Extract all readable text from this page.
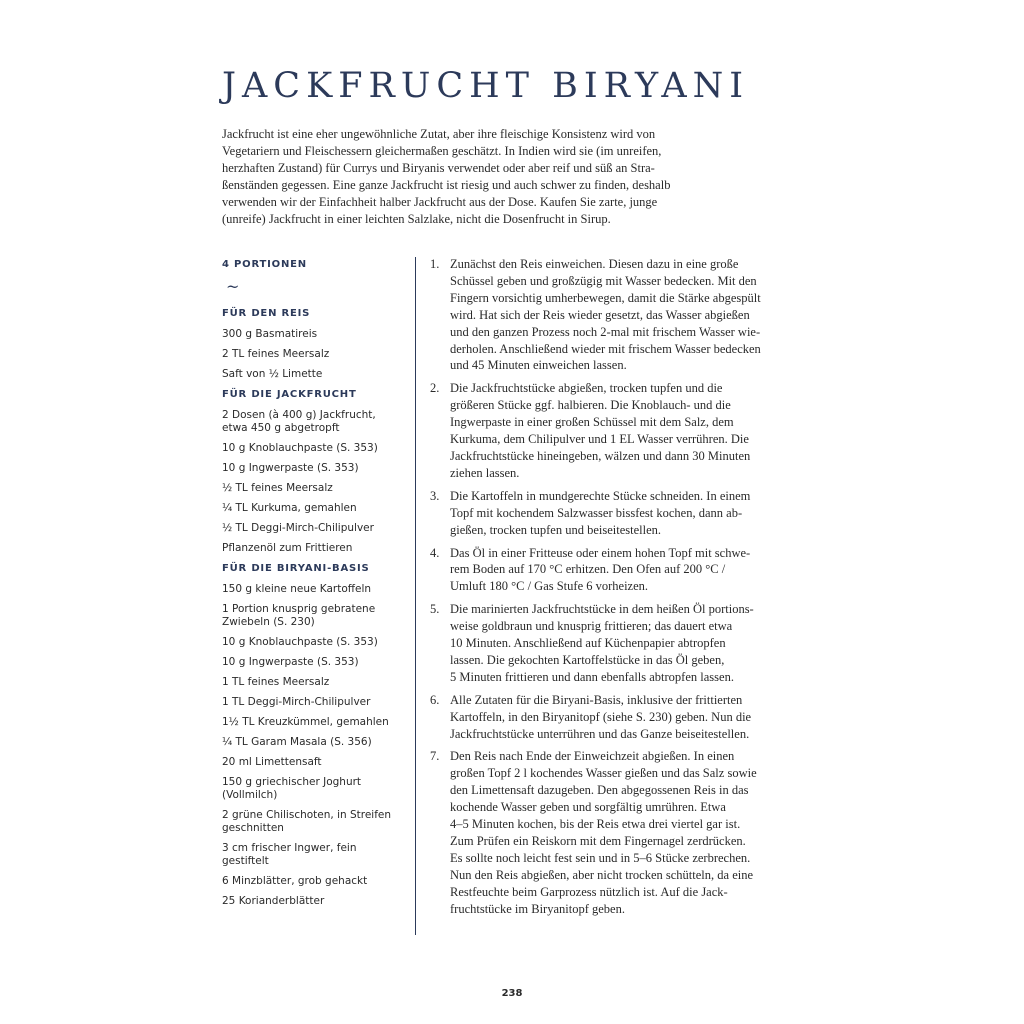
JACKFRUCHT BIRYANI
Jackfrucht ist eine eher ungewöhnliche Zutat, aber ihre fleischige Konsistenz wird von
Vegetariern und Fleischessern gleichermaßen geschätzt. In Indien wird sie (im unreifen,
herzhaften Zustand) für Currys und Biryanis verwendet oder aber reif und süß an Stra-
ßenständen gegessen. Eine ganze Jackfrucht ist riesig und auch schwer zu finden, deshalb
verwenden wir der Einfachheit halber Jackfrucht aus der Dose. Kaufen Sie zarte, junge
(unreife) Jackfrucht in einer leichten Salzlake, nicht die Dosenfrucht in Sirup.
4 PORTIONEN
~
FÜR DEN REIS
300 g Basmatireis
2 TL feines Meersalz
Saft von ½ Limette
FÜR DIE JACKFRUCHT
2 Dosen (à 400 g) Jackfrucht,
etwa 450 g abgetropft
10 g Knoblauchpaste (S. 353)
10 g Ingwerpaste (S. 353)
½ TL feines Meersalz
¼ TL Kurkuma, gemahlen
½ TL Deggi-Mirch-Chilipulver
Pflanzenöl zum Frittieren
FÜR DIE BIRYANI-BASIS
150 g kleine neue Kartoffeln
1 Portion knusprig gebratene
Zwiebeln (S. 230)
10 g Knoblauchpaste (S. 353)
10 g Ingwerpaste (S. 353)
1 TL feines Meersalz
1 TL Deggi-Mirch-Chilipulver
1½ TL Kreuzkümmel, gemahlen
¼ TL Garam Masala (S. 356)
20 ml Limettensaft
150 g griechischer Joghurt
(Vollmilch)
2 grüne Chilischoten, in Streifen
geschnitten
3 cm frischer Ingwer, fein
gestiftelt
6 Minzblätter, grob gehackt
25 Korianderblätter
1. Zunächst den Reis einweichen. Diesen dazu in eine große
Schüssel geben und großzügig mit Wasser bedecken. Mit den
Fingern vorsichtig umherbewegen, damit die Stärke abgespült
wird. Hat sich der Reis wieder gesetzt, das Wasser abgießen
und den ganzen Prozess noch 2-mal mit frischem Wasser wie-
derholen. Anschließend wieder mit frischem Wasser bedecken
und 45 Minuten einweichen lassen.
2. Die Jackfruchtstücke abgießen, trocken tupfen und die
größeren Stücke ggf. halbieren. Die Knoblauch- und die
Ingwerpaste in einer großen Schüssel mit dem Salz, dem
Kurkuma, dem Chilipulver und 1 EL Wasser verrühren. Die
Jackfruchtstücke hineingeben, wälzen und dann 30 Minuten
ziehen lassen.
3. Die Kartoffeln in mundgerechte Stücke schneiden. In einem
Topf mit kochendem Salzwasser bissfest kochen, dann ab-
gießen, trocken tupfen und beiseitestellen.
4. Das Öl in einer Fritteuse oder einem hohen Topf mit schwe-
rem Boden auf 170 °C erhitzen. Den Ofen auf 200 °C /
Umluft 180 °C / Gas Stufe 6 vorheizen.
5. Die marinierten Jackfruchtstücke in dem heißen Öl portions-
weise goldbraun und knusprig frittieren; das dauert etwa
10 Minuten. Anschließend auf Küchenpapier abtropfen
lassen. Die gekochten Kartoffelstücke in das Öl geben,
5 Minuten frittieren und dann ebenfalls abtropfen lassen.
6. Alle Zutaten für die Biryani-Basis, inklusive der frittierten
Kartoffeln, in den Biryanitopf (siehe S. 230) geben. Nun die
Jackfruchtstücke unterrühren und das Ganze beiseitestellen.
7. Den Reis nach Ende der Einweichzeit abgießen. In einen
großen Topf 2 l kochendes Wasser gießen und das Salz sowie
den Limettensaft dazugeben. Den abgegossenen Reis in das
kochende Wasser geben und sorgfältig umrühren. Etwa
4–5 Minuten kochen, bis der Reis etwa drei viertel gar ist.
Zum Prüfen ein Reiskorn mit dem Fingernagel zerdrücken.
Es sollte noch leicht fest sein und in 5–6 Stücke zerbrechen.
Nun den Reis abgießen, aber nicht trocken schütteln, da eine
Restfeuchte beim Garprozess nützlich ist. Auf die Jack-
fruchtstücke im Biryanitopf geben.
238
